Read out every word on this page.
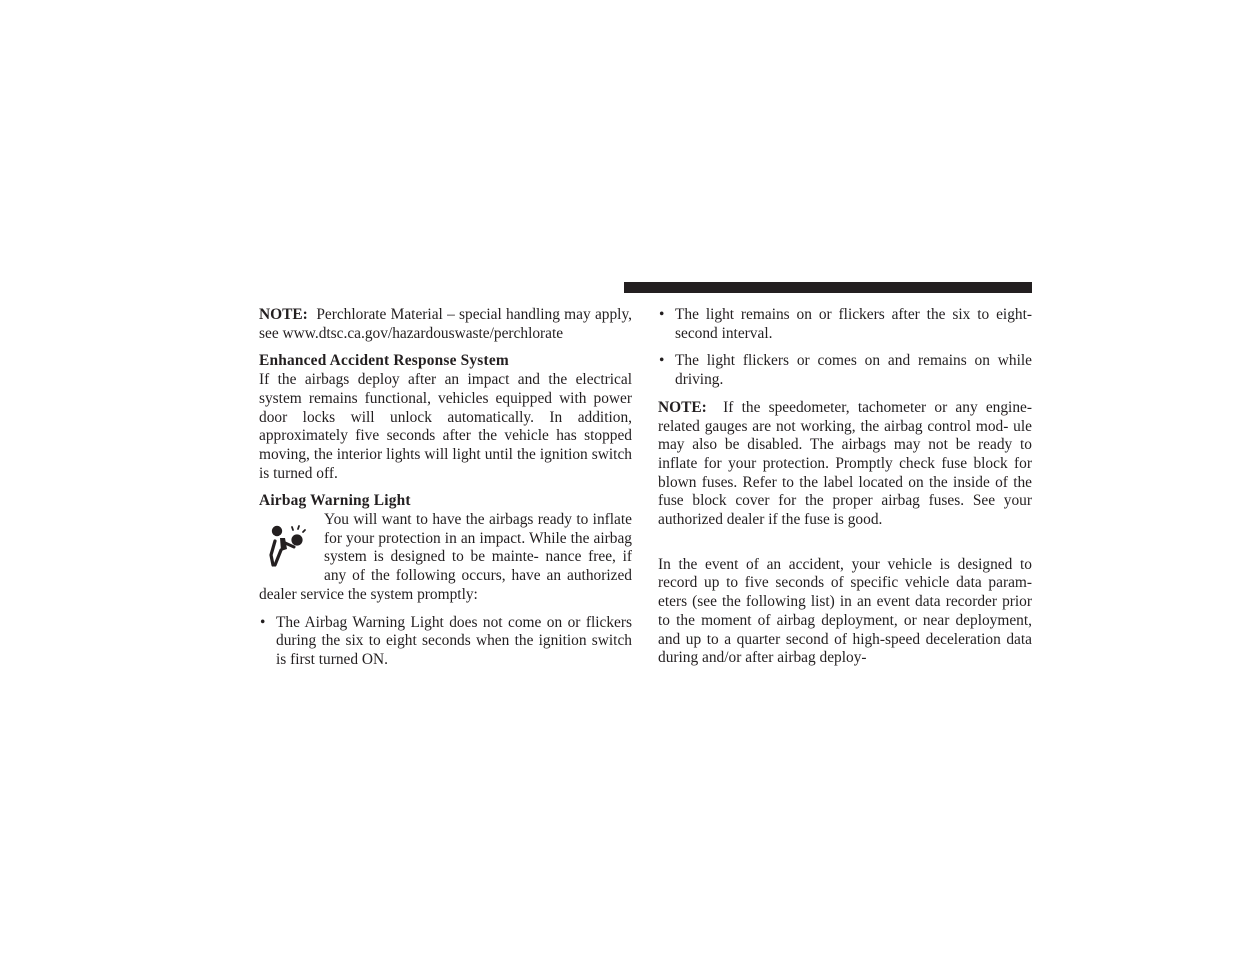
NOTE: Perchlorate Material – special handling may apply, see www.dtsc.ca.gov/hazardouswaste/perchlorate

Enhanced Accident Response System

If the airbags deploy after an impact and the electrical system remains functional, vehicles equipped with power door locks will unlock automatically. In addition, approximately five seconds after the vehicle has stopped moving, the interior lights will light until the ignition switch is turned off.

Airbag Warning Light

You will want to have the airbags ready to inflate for your protection in an impact. While the airbag system is designed to be mainte- nance free, if any of the following occurs, have an authorized dealer service the system promptly:

• The Airbag Warning Light does not come on or flickers during the six to eight seconds when the ignition switch is first turned ON.
• The light remains on or flickers after the six to eight- second interval.
• The light flickers or comes on and remains on while driving.

NOTE: If the speedometer, tachometer or any engine- related gauges are not working, the airbag control mod- ule may also be disabled. The airbags may not be ready to inflate for your protection. Promptly check fuse block for blown fuses. Refer to the label located on the inside of the fuse block cover for the proper airbag fuses. See your authorized dealer if the fuse is good.

In the event of an accident, your vehicle is designed to record up to five seconds of specific vehicle data param- eters (see the following list) in an event data recorder prior to the moment of airbag deployment, or near deployment, and up to a quarter second of high-speed deceleration data during and/or after airbag deploy-
